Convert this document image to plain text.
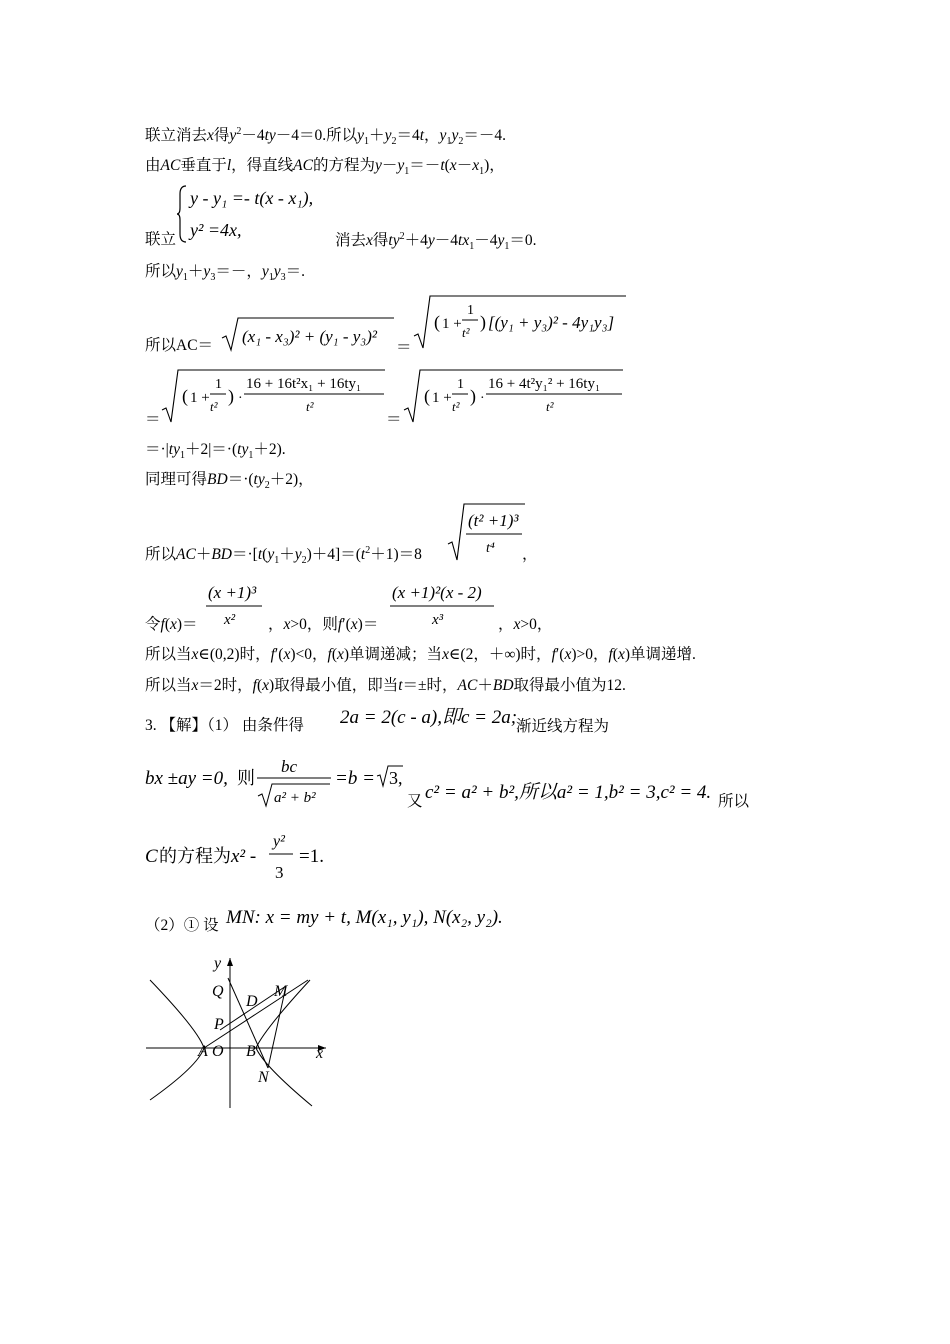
联立消去x得$y^2-4ty-4=0$.所以$y_1+y_2=4t$，$y_1y_2=-4$.
由AC垂直于l，得直线AC的方程为$y-y_1=-t(x-x_1)$，
联立
y - y₁ =- t(x - x₁),
y² =4x,
消去x得$ty^2+4y-4tx_1-4y_1=0$.
所以$y_1+y_3=-$，$y_1y_3=$.
所以AC＝ (x₁ - x₃)² + (y₁ - y₃)²
＝
( 1 +
1
t²
) [(y₁ + y₃)² - 4y₁y₃]
＝
( 1 +
1
t²
) ·
16 + 16t²x₁ + 16ty₁
t²
＝
( 1 +
1
t²
) ·
16 + 4t²y₁² + 16ty₁
t²
$=\cdot|ty_1+2|=\cdot(ty_1+2)$.
同理可得$BD=\cdot(ty_2+2)$，
所以$AC+BD=\cdot[t(y_1+y_2)+4]=(t^2+1)=8$
(t² +1)³
t⁴ ，
令f(x)＝
(x +1)³
x² ，x>0，则f′(x)＝
(x +1)²(x - 2)
x³	，x>0，
所以当x∈(0,2)时，f′(x)<0，f(x)单调递减；当x∈(2，＋∞)时，f′(x)>0，f(x)单调递增.
所以当x＝2时，f(x)取得最小值，即当t＝±时，AC＋BD取得最小值为12.
3. 【解】（1） 由条件得 2a = 2(c - a),即c = 2a;
渐近线方程为
bx ±ay =0, 则
bc
a² + b²
=b = 3,
又 c² = a² + b²,所以a² = 1,b² = 3,c² = 4. 所以
C 的方程为 x² -
y²
3
=1.
（2）① 设 MN: x = my + t, M(x₁, y₁), N(x₂, y₂).
y
x
Q
D
M
P
A O B
N
